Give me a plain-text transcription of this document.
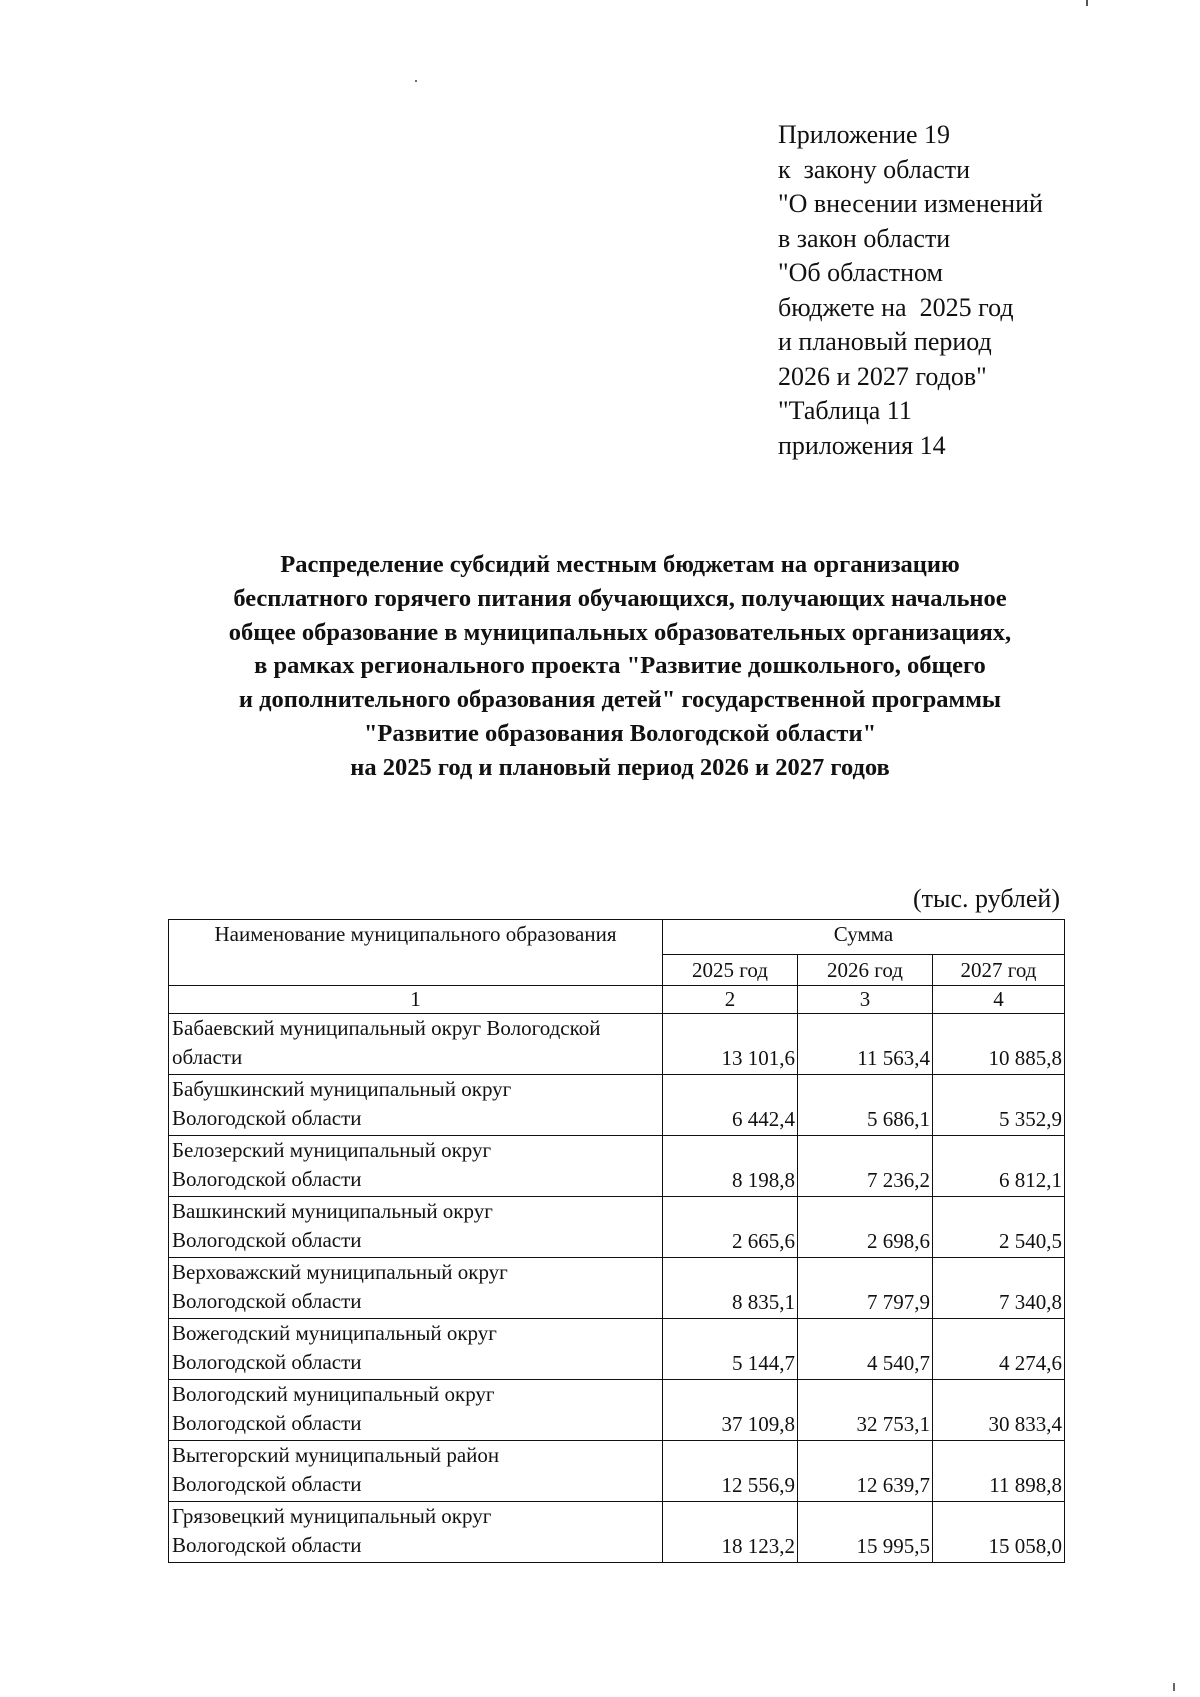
Приложение 19
к  закону области
"О внесении изменений
в закон области
"Об областном
бюджете на  2025 год
и плановый период
2026 и 2027 годов"
"Таблица 11
приложения 14
Распределение субсидий местным бюджетам на организацию
бесплатного горячего питания обучающихся, получающих начальное
общее образование в муниципальных образовательных организациях,
в рамках регионального проекта "Развитие дошкольного, общего
и дополнительного образования детей" государственной программы
"Развитие образования Вологодской области"
на 2025 год и плановый период 2026 и 2027 годов
(тыс. рублей)
Наименование муниципального образования	Сумма		
	2025 год	2026 год	2027 год
1	2	3	4
Бабаевский муниципальный округ Вологодской
области	13 101,6	11 563,4	10 885,8
Бабушкинский муниципальный округ
Вологодской области	6 442,4	5 686,1	5 352,9
Белозерский муниципальный округ
Вологодской области	8 198,8	7 236,2	6 812,1
Вашкинский муниципальный округ
Вологодской области	2 665,6	2 698,6	2 540,5
Верховажский муниципальный округ
Вологодской области	8 835,1	7 797,9	7 340,8
Вожегодский муниципальный округ
Вологодской области	5 144,7	4 540,7	4 274,6
Вологодский муниципальный округ
Вологодской области	37 109,8	32 753,1	30 833,4
Вытегорский муниципальный район
Вологодской области	12 556,9	12 639,7	11 898,8
Грязовецкий муниципальный округ
Вологодской области	18 123,2	15 995,5	15 058,0
